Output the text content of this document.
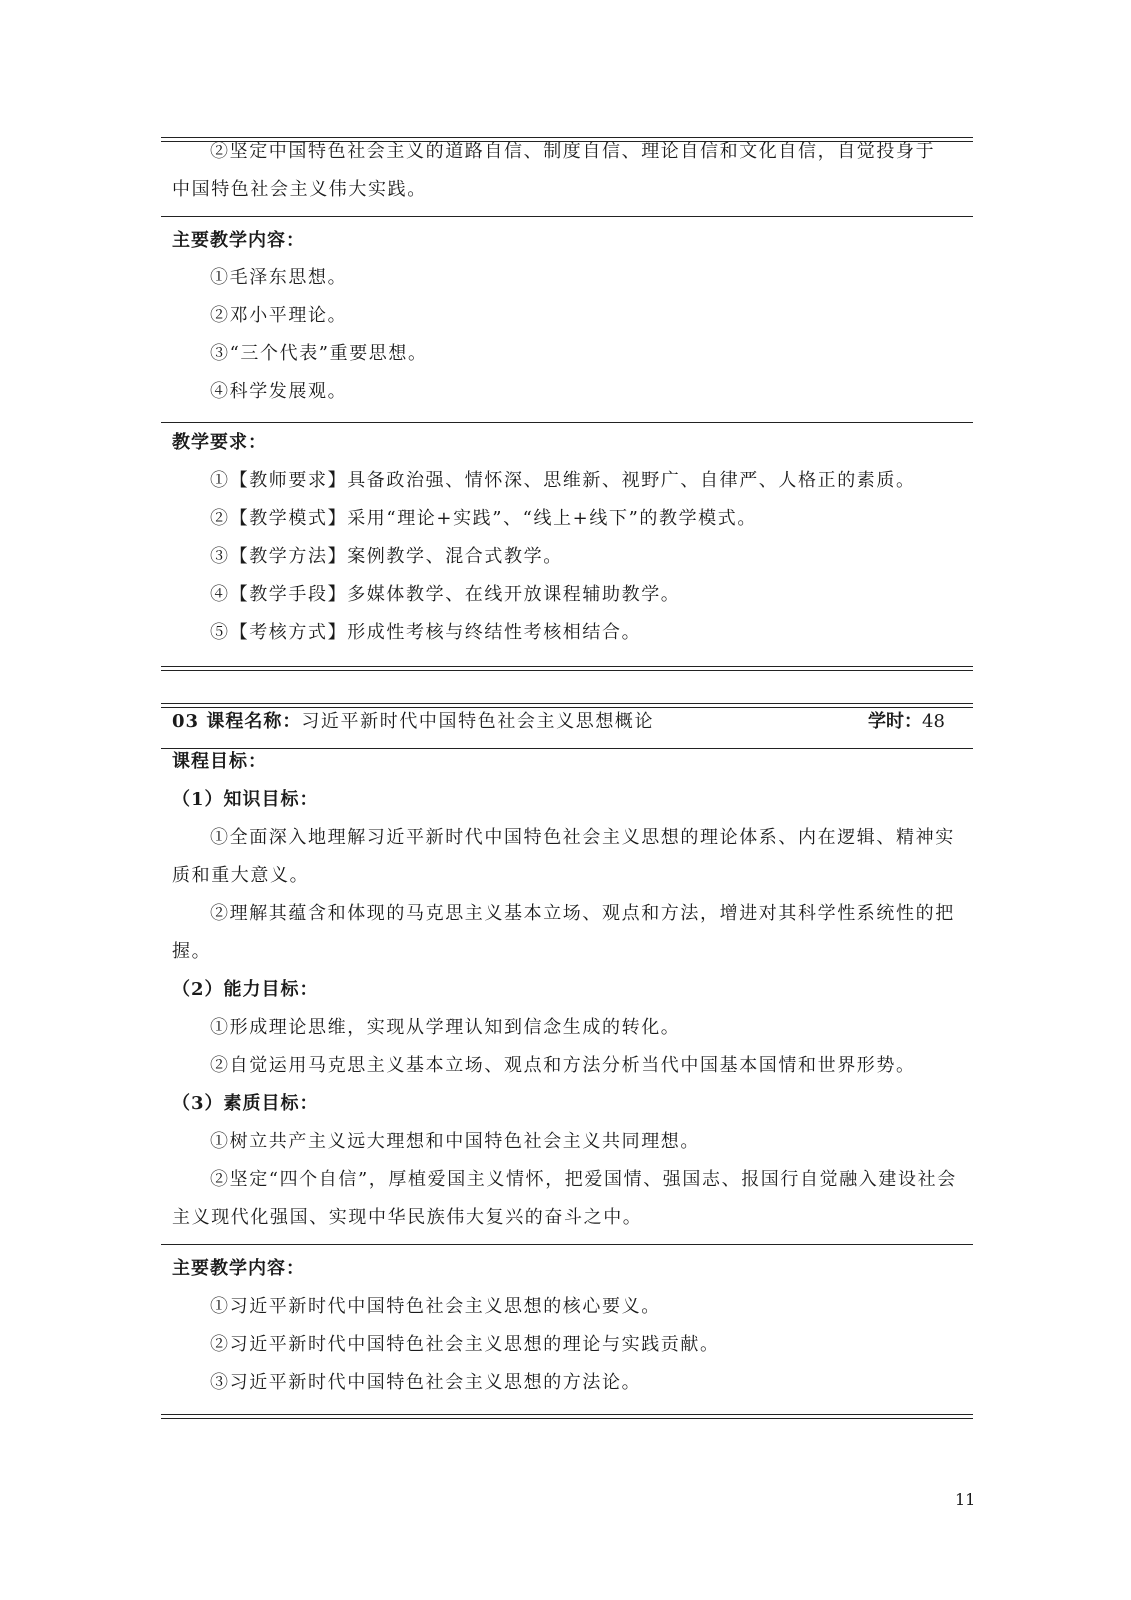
②坚定中国特色社会主义的道路自信、制度自信、理论自信和文化自信，自觉投身于
中国特色社会主义伟大实践。
主要教学内容：
①毛泽东思想。
②邓小平理论。
③“三个代表”重要思想。
④科学发展观。
教学要求：
①【教师要求】具备政治强、情怀深、思维新、视野广、自律严、人格正的素质。
②【教学模式】采用“理论+实践”、“线上+线下”的教学模式。
③【教学方法】案例教学、混合式教学。
④【教学手段】多媒体教学、在线开放课程辅助教学。
⑤【考核方式】形成性考核与终结性考核相结合。
03 课程名称：习近平新时代中国特色社会主义思想概论	学时：48
课程目标：
（1）知识目标：
①全面深入地理解习近平新时代中国特色社会主义思想的理论体系、内在逻辑、精神实
质和重大意义。
②理解其蕴含和体现的马克思主义基本立场、观点和方法，增进对其科学性系统性的把
握。
（2）能力目标：
①形成理论思维，实现从学理认知到信念生成的转化。
②自觉运用马克思主义基本立场、观点和方法分析当代中国基本国情和世界形势。
（3）素质目标：
①树立共产主义远大理想和中国特色社会主义共同理想。
②坚定“四个自信”，厚植爱国主义情怀，把爱国情、强国志、报国行自觉融入建设社会
主义现代化强国、实现中华民族伟大复兴的奋斗之中。
主要教学内容：
①习近平新时代中国特色社会主义思想的核心要义。
②习近平新时代中国特色社会主义思想的理论与实践贡献。
③习近平新时代中国特色社会主义思想的方法论。
11
